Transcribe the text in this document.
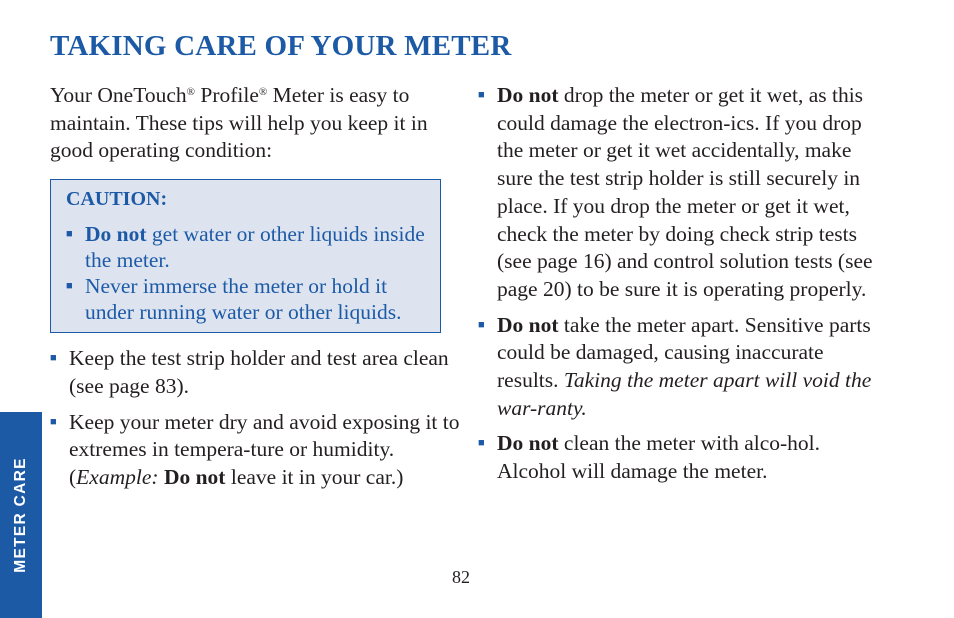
TAKING CARE OF YOUR METER

Your OneTouch® Profile® Meter is easy to maintain. These tips will help you keep it in good operating condition:

CAUTION:
■ Do not get water or other liquids inside the meter.
■ Never immerse the meter or hold it under running water or other liquids.
■ Keep the test strip holder and test area clean (see page 83).
■ Keep your meter dry and avoid exposing it to extremes in tempera-ture or humidity. (Example: Do not leave it in your car.)
■ Do not drop the meter or get it wet, as this could damage the electron-ics. If you drop the meter or get it wet accidentally, make sure the test strip holder is still securely in place. If you drop the meter or get it wet, check the meter by doing check strip tests (see page 16) and control solution tests (see page 20) to be sure it is operating properly.
■ Do not take the meter apart. Sensitive parts could be damaged, causing inaccurate results. Taking the meter apart will void the war-ranty.
■ Do not clean the meter with alco-hol. Alcohol will damage the meter.
82
METER CARE
